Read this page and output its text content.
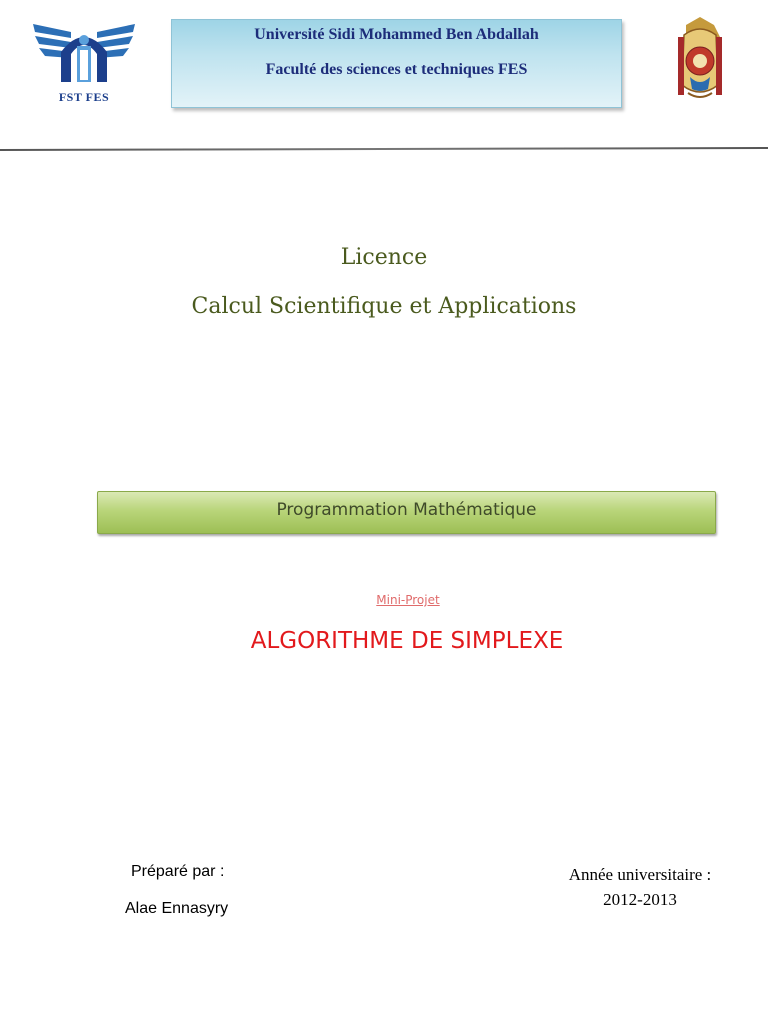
FST FES
Université Sidi Mohammed Ben Abdallah
Faculté des sciences et techniques FES
Licence
Calcul Scientifique et Applications
Programmation Mathématique
Mini-Projet
ALGORITHME DE SIMPLEXE
Préparé par :
Alae Ennasyry
Année universitaire :
2012-2013
